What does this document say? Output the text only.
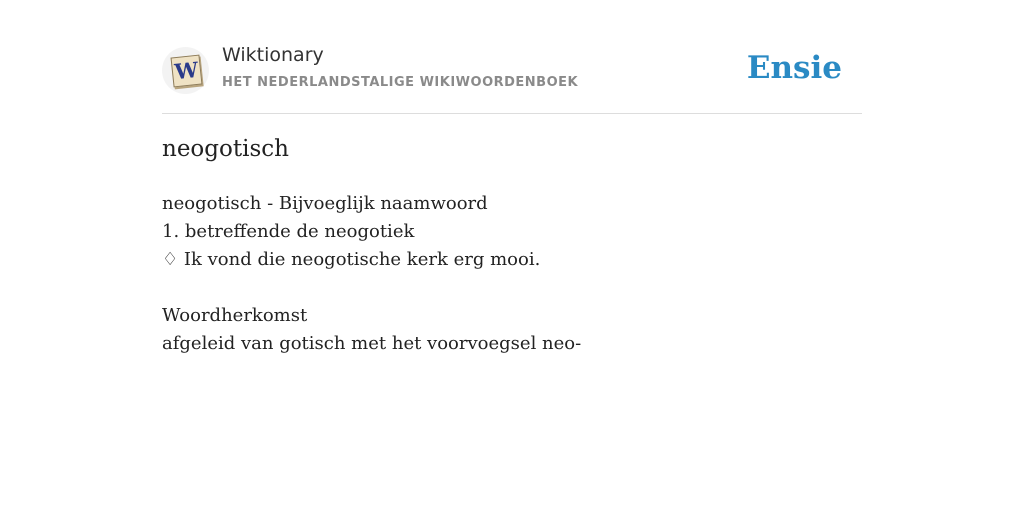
W
Wiktionary
HET NEDERLANDSTALIGE WIKIWOORDENBOEK	Ensie
neogotisch
neogotisch - Bijvoeglijk naamwoord
1. betreffende de neogotiek
♢ Ik vond die neogotische kerk erg mooi.
Woordherkomst
afgeleid van gotisch met het voorvoegsel neo-
